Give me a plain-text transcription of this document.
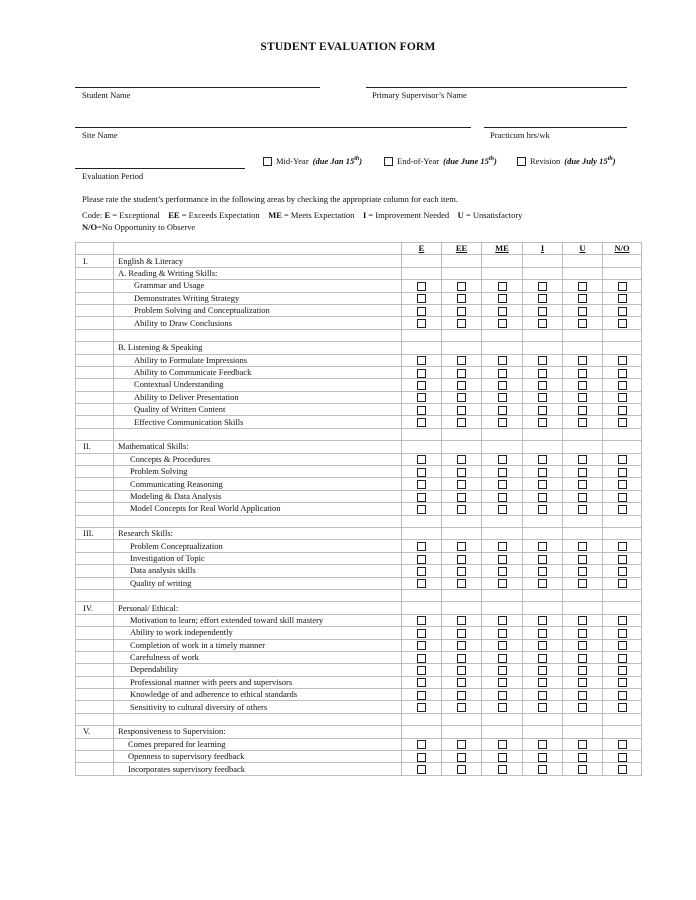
STUDENT EVALUATION FORM
Student Name	Primary Supervisor’s Name
Site Name	Practicum hrs/wk
Evaluation Period
Mid-Year (due Jan 15th)	End-of-Year (due June 15th)	Revision (due July 15th)
Please rate the student’s performance in the following areas by checking the appropriate column for each item.
Code: E = Exceptional EE = Exceeds Expectation ME = Meets Expectation I = Improvement Needed U = Unsatisfactory
N/O=No Opportunity to Observe
		E	EE	ME	I	U	N/O
I.	English & Literacy						
	A. Reading & Writing Skills:						
	Grammar and Usage						
	Demonstrates Writing Strategy						
	Problem Solving and Conceptualization						
	Ability to Draw Conclusions						

	B. Listening & Speaking						
	Ability to Formulate Impressions						
	Ability to Communicate Feedback						
	Contextual Understanding						
	Ability to Deliver Presentation						
	Quality of Written Content						
	Effective Communication Skills						

II.	Mathematical Skills:						
	Concepts & Procedures						
	Problem Solving						
	Communicating Reasoning						
	Modeling & Data Analysis						
	Model Concepts for Real World Application						

III.	Research Skills:						
	Problem Conceptualization						
	Investigation of Topic						
	Data analysis skills						
	Quality of writing						

IV.	Personal/ Ethical:						
	Motivation to learn; effort extended toward skill mastery						
	Ability to work independently						
	Completion of work in a timely manner						
	Carefulness of work						
	Dependability						
	Professional manner with peers and supervisors						
	Knowledge of and adherence to ethical standards						
	Sensitivity to cultural diversity of others						

V.	Responsiveness to Supervision:						
	Comes prepared for learning						
	Openness to supervisory feedback						
	Incorporates supervisory feedback						
